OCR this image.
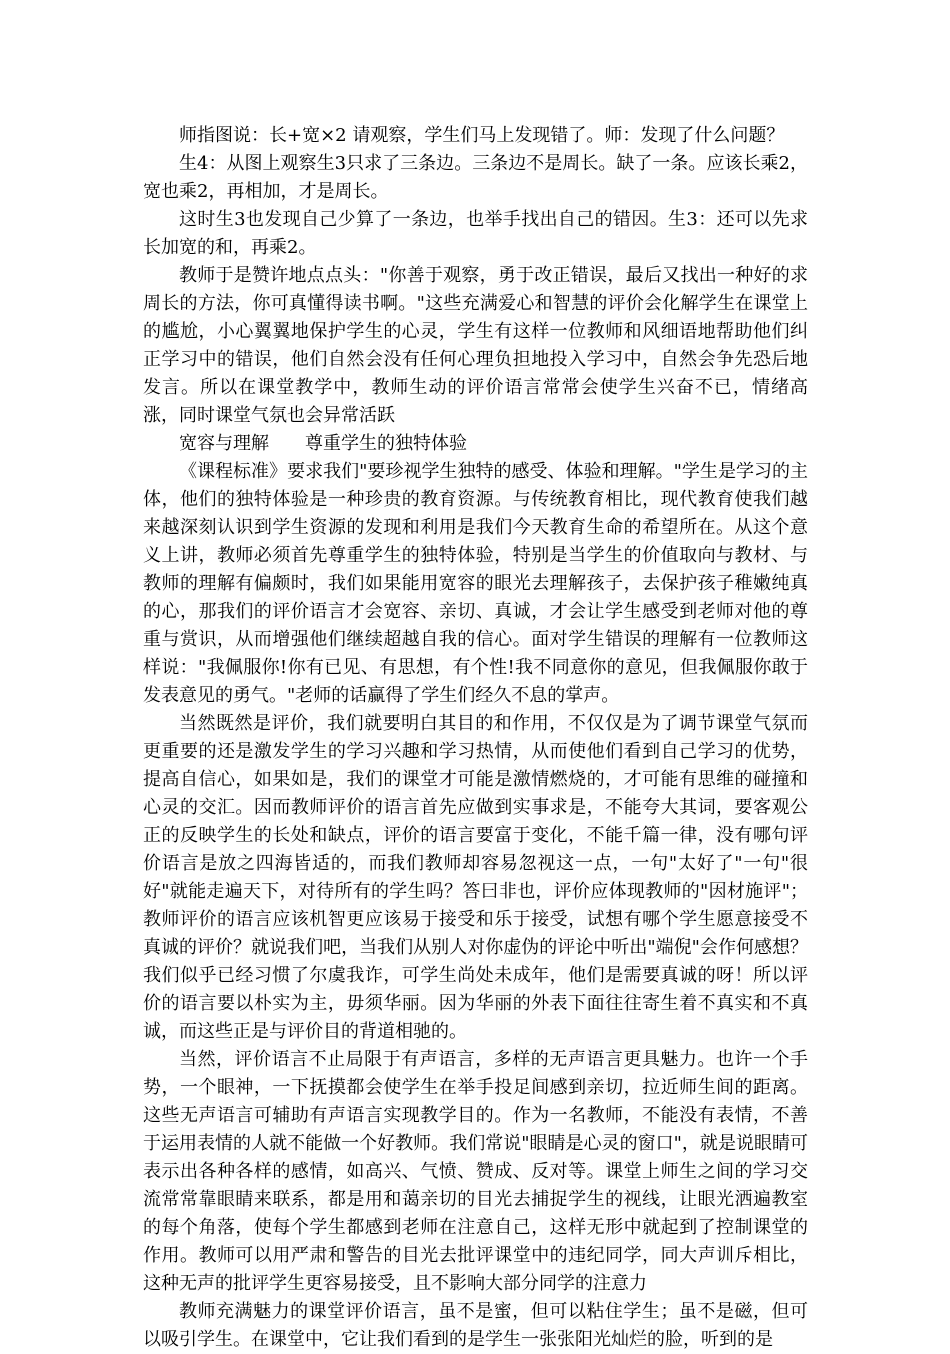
师指图说：长+宽×2 请观察，学生们马上发现错了。师：发现了什么问题？

生4：从图上观察生3只求了三条边。三条边不是周长。缺了一条。应该长乘2，宽也乘2，再相加，才是周长。

这时生3也发现自己少算了一条边，也举手找出自己的错因。生3：还可以先求长加宽的和，再乘2。

教师于是赞许地点点头："你善于观察，勇于改正错误，最后又找出一种好的求周长的方法，你可真懂得读书啊。"这些充满爱心和智慧的评价会化解学生在课堂上的尴尬，小心翼翼地保护学生的心灵，学生有这样一位教师和风细语地帮助他们纠正学习中的错误，他们自然会没有任何心理负担地投入学习中，自然会争先恐后地发言。所以在课堂教学中，教师生动的评价语言常常会使学生兴奋不已，情绪高涨，同时课堂气氛也会异常活跃

宽容与理解　　尊重学生的独特体验

《课程标准》要求我们"要珍视学生独特的感受、体验和理解。"学生是学习的主体，他们的独特体验是一种珍贵的教育资源。与传统教育相比，现代教育使我们越来越深刻认识到学生资源的发现和利用是我们今天教育生命的希望所在。从这个意义上讲，教师必须首先尊重学生的独特体验，特别是当学生的价值取向与教材、与教师的理解有偏颇时，我们如果能用宽容的眼光去理解孩子，去保护孩子稚嫩纯真的心，那我们的评价语言才会宽容、亲切、真诚，才会让学生感受到老师对他的尊重与赏识，从而增强他们继续超越自我的信心。面对学生错误的理解有一位教师这样说："我佩服你!你有已见、有思想，有个性!我不同意你的意见，但我佩服你敢于发表意见的勇气。"老师的话赢得了学生们经久不息的掌声。

当然既然是评价，我们就要明白其目的和作用，不仅仅是为了调节课堂气氛而更重要的还是激发学生的学习兴趣和学习热情，从而使他们看到自己学习的优势，提高自信心，如果如是，我们的课堂才可能是激情燃烧的，才可能有思维的碰撞和心灵的交汇。因而教师评价的语言首先应做到实事求是，不能夸大其词，要客观公正的反映学生的长处和缺点，评价的语言要富于变化，不能千篇一律，没有哪句评价语言是放之四海皆适的，而我们教师却容易忽视这一点，一句"太好了"一句"很好"就能走遍天下，对待所有的学生吗？答曰非也，评价应体现教师的"因材施评"；教师评价的语言应该机智更应该易于接受和乐于接受，试想有哪个学生愿意接受不真诚的评价？就说我们吧，当我们从别人对你虚伪的评论中听出"端倪"会作何感想？我们似乎已经习惯了尔虞我诈，可学生尚处未成年，他们是需要真诚的呀！所以评价的语言要以朴实为主，毋须华丽。因为华丽的外表下面往往寄生着不真实和不真诚，而这些正是与评价目的背道相驰的。

当然，评价语言不止局限于有声语言，多样的无声语言更具魅力。也许一个手势，一个眼神，一下抚摸都会使学生在举手投足间感到亲切，拉近师生间的距离。这些无声语言可辅助有声语言实现教学目的。作为一名教师，不能没有表情，不善于运用表情的人就不能做一个好教师。我们常说"眼睛是心灵的窗口"，就是说眼睛可表示出各种各样的感情，如高兴、气愤、赞成、反对等。课堂上师生之间的学习交流常常靠眼睛来联系，都是用和蔼亲切的目光去捕捉学生的视线，让眼光洒遍教室的每个角落，使每个学生都感到老师在注意自己，这样无形中就起到了控制课堂的作用。教师可以用严肃和警告的目光去批评课堂中的违纪同学，同大声训斥相比，这种无声的批评学生更容易接受，且不影响大部分同学的注意力

教师充满魅力的课堂评价语言，虽不是蜜，但可以粘住学生；虽不是磁，但可以吸引学生。在课堂中，它让我们看到的是学生一张张阳光灿烂的脸，听到的是
